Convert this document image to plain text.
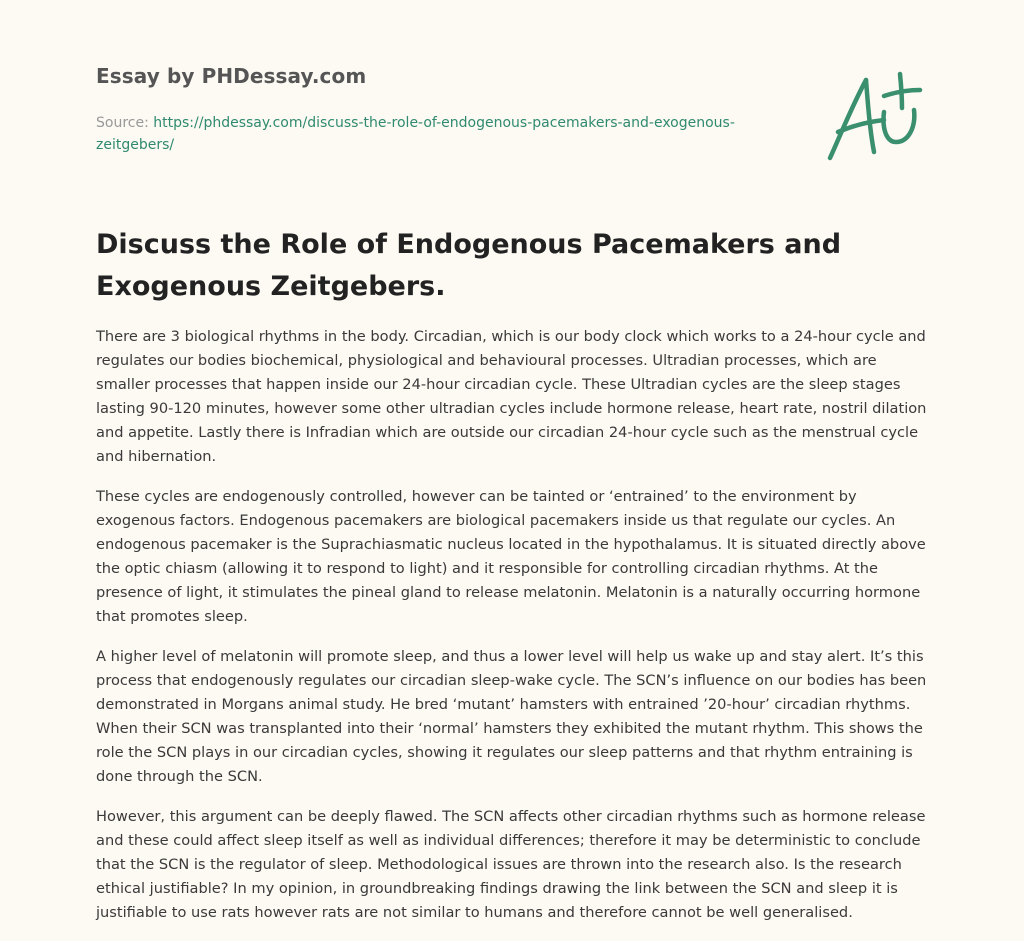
Essay by PHDessay.com
Source: https://phdessay.com/discuss-the-role-of-endogenous-pacemakers-and-exogenous-zeitgebers/
Discuss the Role of Endogenous Pacemakers and Exogenous Zeitgebers.

There are 3 biological rhythms in the body. Circadian, which is our body clock which works to a 24-hour cycle and regulates our bodies biochemical, physiological and behavioural processes. Ultradian processes, which are smaller processes that happen inside our 24-hour circadian cycle. These Ultradian cycles are the sleep stages lasting 90-120 minutes, however some other ultradian cycles include hormone release, heart rate, nostril dilation and appetite. Lastly there is Infradian which are outside our circadian 24-hour cycle such as the menstrual cycle and hibernation.

These cycles are endogenously controlled, however can be tainted or ‘entrained’ to the environment by exogenous factors. Endogenous pacemakers are biological pacemakers inside us that regulate our cycles. An endogenous pacemaker is the Suprachiasmatic nucleus located in the hypothalamus. It is situated directly above the optic chiasm (allowing it to respond to light) and it responsible for controlling circadian rhythms. At the presence of light, it stimulates the pineal gland to release melatonin. Melatonin is a naturally occurring hormone that promotes sleep.

A higher level of melatonin will promote sleep, and thus a lower level will help us wake up and stay alert. It’s this process that endogenously regulates our circadian sleep-wake cycle. The SCN’s influence on our bodies has been demonstrated in Morgans animal study. He bred ‘mutant’ hamsters with entrained ’20-hour’ circadian rhythms. When their SCN was transplanted into their ‘normal’ hamsters they exhibited the mutant rhythm. This shows the role the SCN plays in our circadian cycles, showing it regulates our sleep patterns and that rhythm entraining is done through the SCN.

However, this argument can be deeply flawed. The SCN affects other circadian rhythms such as hormone release and these could affect sleep itself as well as individual differences; therefore it may be deterministic to conclude that the SCN is the regulator of sleep. Methodological issues are thrown into the research also. Is the research ethical justifiable? In my opinion, in groundbreaking findings drawing the link between the SCN and sleep it is justifiable to use rats however rats are not similar to humans and therefore cannot be well generalised.
